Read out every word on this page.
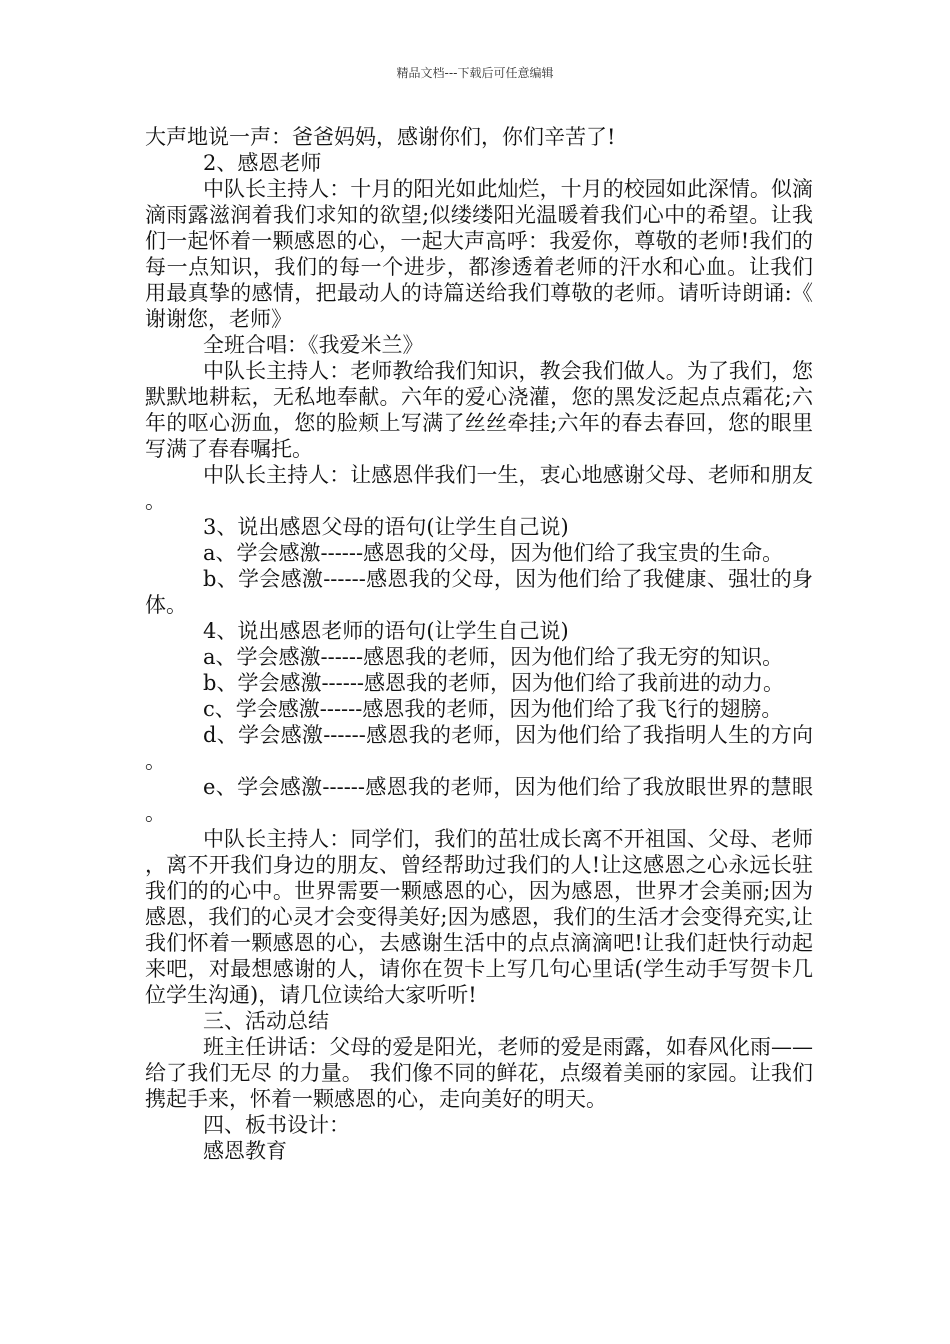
精品文档---下载后可任意编辑

大声地说一声：爸爸妈妈，感谢你们，你们辛苦了!

2、感恩老师

中队长主持人：十月的阳光如此灿烂，十月的校园如此深情。似滴滴雨露滋润着我们求知的欲望;似缕缕阳光温暖着我们心中的希望。让我们一起怀着一颗感恩的心，一起大声高呼：我爱你，尊敬的老师!我们的每一点知识，我们的每一个进步，都渗透着老师的汗水和心血。让我们用最真挚的感情，把最动人的诗篇送给我们尊敬的老师。请听诗朗诵:《谢谢您，老师》

全班合唱：《我爱米兰》

中队长主持人：老师教给我们知识，教会我们做人。为了我们，您默默地耕耘，无私地奉献。六年的爱心浇灌，您的黑发泛起点点霜花;六年的呕心沥血，您的脸颊上写满了丝丝牵挂;六年的春去春回，您的眼里写满了春春嘱托。

中队长主持人：让感恩伴我们一生，衷心地感谢父母、老师和朋友。

3、说出感恩父母的语句(让学生自己说)

a、学会感激------感恩我的父母，因为他们给了我宝贵的生命。

b、学会感激------感恩我的父母，因为他们给了我健康、强壮的身体。

4、说出感恩老师的语句(让学生自己说)

a、学会感激------感恩我的老师，因为他们给了我无穷的知识。

b、学会感激------感恩我的老师，因为他们给了我前进的动力。

c、学会感激------感恩我的老师，因为他们给了我飞行的翅膀。

d、学会感激------感恩我的老师，因为他们给了我指明人生的方向。

e、学会感激------感恩我的老师，因为他们给了我放眼世界的慧眼。

中队长主持人：同学们，我们的茁壮成长离不开祖国、父母、老师，离不开我们身边的朋友、曾经帮助过我们的人!让这感恩之心永远长驻我们的的心中。世界需要一颗感恩的心，因为感恩，世界才会美丽;因为感恩，我们的心灵才会变得美好;因为感恩，我们的生活才会变得充实,让我们怀着一颗感恩的心，去感谢生活中的点点滴滴吧!让我们赶快行动起来吧，对最想感谢的人，请你在贺卡上写几句心里话(学生动手写贺卡几位学生沟通)，请几位读给大家听听!

三、活动总结

班主任讲话：父母的爱是阳光，老师的爱是雨露，如春风化雨——给了我们无尽 的力量。 我们像不同的鲜花，点缀着美丽的家园。让我们携起手来，怀着一颗感恩的心，走向美好的明天。

四、板书设计：

感恩教育
